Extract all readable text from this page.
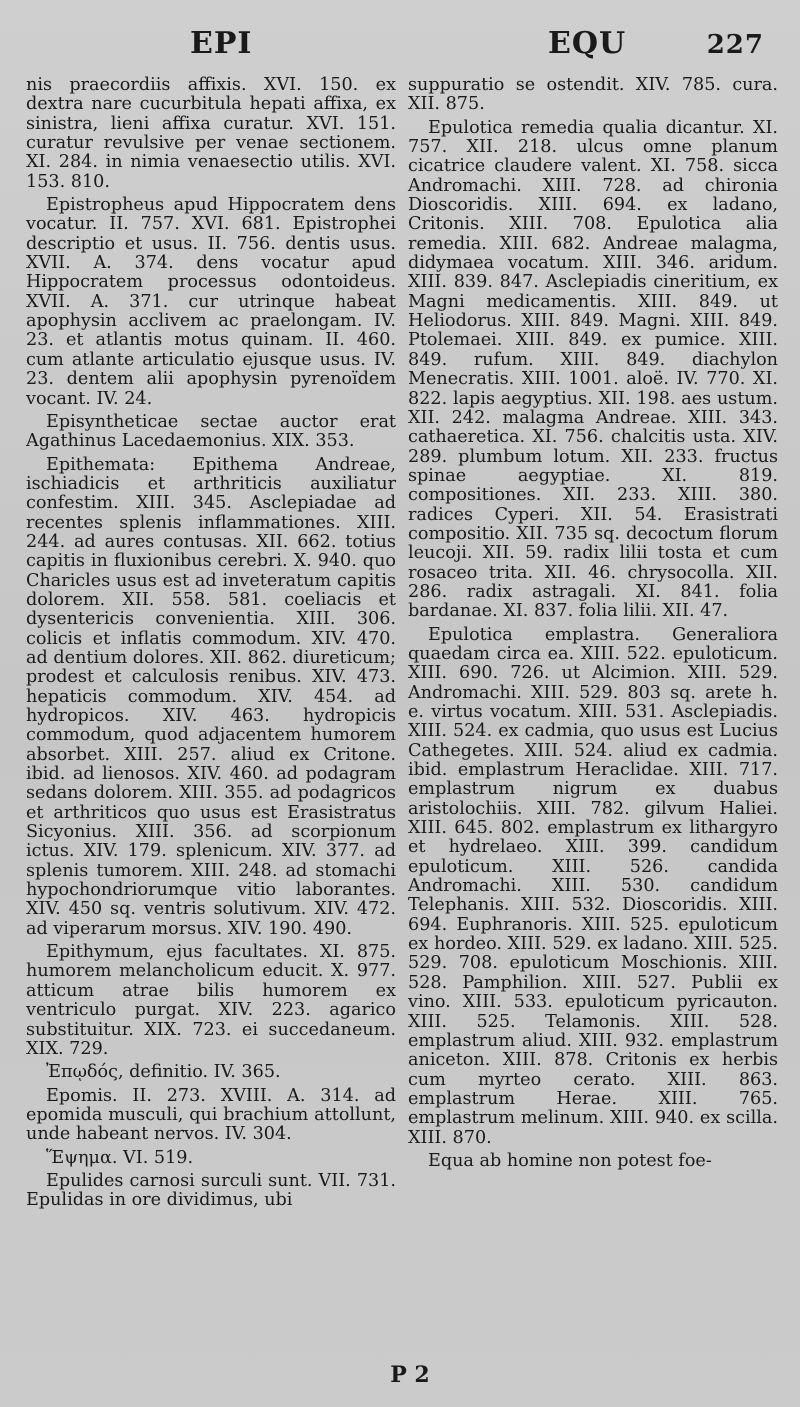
EPI	EQU	227

nis praecordiis affixis. XVI. 150. ex dextra nare cucurbitula hepati affixa, ex sinistra, lieni affixa curatur. XVI. 151. curatur revulsive per venae sectionem. XI. 284. in nimia venaesectio utilis. XVI. 153. 810.

Epistropheus apud Hippocratem dens vocatur. II. 757. XVI. 681. Epistrophei descriptio et usus. II. 756. dentis usus. XVII. A. 374. dens vocatur apud Hippocratem processus odontoideus. XVII. A. 371. cur utrinque habeat apophysin acclivem ac praelongam. IV. 23. et atlantis motus quinam. II. 460. cum atlante articulatio ejusque usus. IV. 23. dentem alii apophysin pyrenoïdem vocant. IV. 24.

Episyntheticae sectae auctor erat Agathinus Lacedaemonius. XIX. 353.

Epithemata: Epithema Andreae, ischiadicis et arthriticis auxiliatur confestim. XIII. 345. Asclepiadae ad recentes splenis inflammationes. XIII. 244. ad aures contusas. XII. 662. totius capitis in fluxionibus cerebri. X. 940. quo Charicles usus est ad inveteratum capitis dolorem. XII. 558. 581. coeliacis et dysentericis convenientia. XIII. 306. colicis et inflatis commodum. XIV. 470. ad dentium dolores. XII. 862. diureticum; prodest et calculosis renibus. XIV. 473. hepaticis commodum. XIV. 454. ad hydropicos. XIV. 463. hydropicis commodum, quod adjacentem humorem absorbet. XIII. 257. aliud ex Critone. ibid. ad lienosos. XIV. 460. ad podagram sedans dolorem. XIII. 355. ad podagricos et arthriticos quo usus est Erasistratus Sicyonius. XIII. 356. ad scorpionum ictus. XIV. 179. splenicum. XIV. 377. ad splenis tumorem. XIII. 248. ad stomachi hypochondriorumque vitio laborantes. XIV. 450 sq. ventris solutivum. XIV. 472. ad viperarum morsus. XIV. 190. 490.

Epithymum, ejus facultates. XI. 875. humorem melancholicum educit. X. 977. atticum atrae bilis humorem ex ventriculo purgat. XIV. 223. agarico substituitur. XIX. 723. ei succedaneum. XIX. 729.

Ἐπῳδός, definitio. IV. 365.

Epomis. II. 273. XVIII. A. 314. ad epomida musculi, qui brachium attollunt, unde habeant nervos. IV. 304.

Ἕψημα. VI. 519.

Epulides carnosi surculi sunt. VII. 731. Epulidas in ore dividimus, ubi

suppuratio se ostendit. XIV. 785. cura. XII. 875.

Epulotica remedia qualia dicantur. XI. 757. XII. 218. ulcus omne planum cicatrice claudere valent. XI. 758. sicca Andromachi. XIII. 728. ad chironia Dioscoridis. XIII. 694. ex ladano, Critonis. XIII. 708. Epulotica alia remedia. XIII. 682. Andreae malagma, didymaea vocatum. XIII. 346. aridum. XIII. 839. 847. Asclepiadis cineritium, ex Magni medicamentis. XIII. 849. ut Heliodorus. XIII. 849. Magni. XIII. 849. Ptolemaei. XIII. 849. ex pumice. XIII. 849. rufum. XIII. 849. diachylon Menecratis. XIII. 1001. aloë. IV. 770. XI. 822. lapis aegyptius. XII. 198. aes ustum. XII. 242. malagma Andreae. XIII. 343. cathaeretica. XI. 756. chalcitis usta. XIV. 289. plumbum lotum. XII. 233. fructus spinae aegyptiae. XI. 819. compositiones. XII. 233. XIII. 380. radices Cyperi. XII. 54. Erasistrati compositio. XII. 735 sq. decoctum florum leucoji. XII. 59. radix lilii tosta et cum rosaceo trita. XII. 46. chrysocolla. XII. 286. radix astragali. XI. 841. folia bardanae. XI. 837. folia lilii. XII. 47.

Epulotica emplastra. Generaliora quaedam circa ea. XIII. 522. epuloticum. XIII. 690. 726. ut Alcimion. XIII. 529. Andromachi. XIII. 529. 803 sq. arete h. e. virtus vocatum. XIII. 531. Asclepiadis. XIII. 524. ex cadmia, quo usus est Lucius Cathegetes. XIII. 524. aliud ex cadmia. ibid. emplastrum Heraclidae. XIII. 717. emplastrum nigrum ex duabus aristolochiis. XIII. 782. gilvum Haliei. XIII. 645. 802. emplastrum ex lithargyro et hydrelaeo. XIII. 399. candidum epuloticum. XIII. 526. candida Andromachi. XIII. 530. candidum Telephanis. XIII. 532. Dioscoridis. XIII. 694. Euphranoris. XIII. 525. epuloticum ex hordeo. XIII. 529. ex ladano. XIII. 525. 529. 708. epuloticum Moschionis. XIII. 528. Pamphilion. XIII. 527. Publii ex vino. XIII. 533. epuloticum pyricauton. XIII. 525. Telamonis. XIII. 528. emplastrum aliud. XIII. 932. emplastrum aniceton. XIII. 878. Critonis ex herbis cum myrteo cerato. XIII. 863. emplastrum Herae. XIII. 765. emplastrum melinum. XIII. 940. ex scilla. XIII. 870.

Equa ab homine non potest foe-

P 2
